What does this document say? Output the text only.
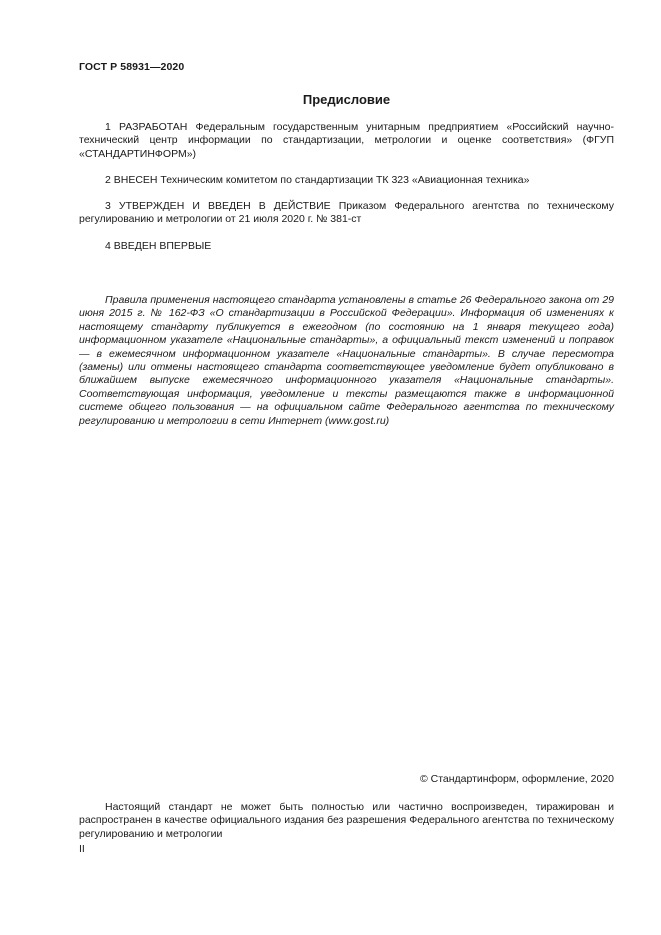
ГОСТ Р 58931—2020
Предисловие

1 РАЗРАБОТАН Федеральным государственным унитарным предприятием «Российский научно-технический центр информации по стандартизации, метрологии и оценке соответствия» (ФГУП «СТАНДАРТИНФОРМ»)

2 ВНЕСЕН Техническим комитетом по стандартизации ТК 323 «Авиационная техника»

3 УТВЕРЖДЕН И ВВЕДЕН В ДЕЙСТВИЕ Приказом Федерального агентства по техническому регулированию и метрологии от 21 июля 2020 г. № 381-ст

4 ВВЕДЕН ВПЕРВЫЕ

Правила применения настоящего стандарта установлены в статье 26 Федерального закона от 29 июня 2015 г. № 162-ФЗ «О стандартизации в Российской Федерации». Информация об изменениях к настоящему стандарту публикуется в ежегодном (по состоянию на 1 января текущего года) информационном указателе «Национальные стандарты», а официальный текст изменений и поправок — в ежемесячном информационном указателе «Национальные стандарты». В случае пересмотра (замены) или отмены настоящего стандарта соответствующее уведомление будет опубликовано в ближайшем выпуске ежемесячного информационного указателя «Национальные стандарты». Соответствующая информация, уведомление и тексты размещаются также в информационной системе общего пользования — на официальном сайте Федерального агентства по техническому регулированию и метрологии в сети Интернет (www.gost.ru)

© Стандартинформ, оформление, 2020

Настоящий стандарт не может быть полностью или частично воспроизведен, тиражирован и распространен в качестве официального издания без разрешения Федерального агентства по техническому регулированию и метрологии

II
